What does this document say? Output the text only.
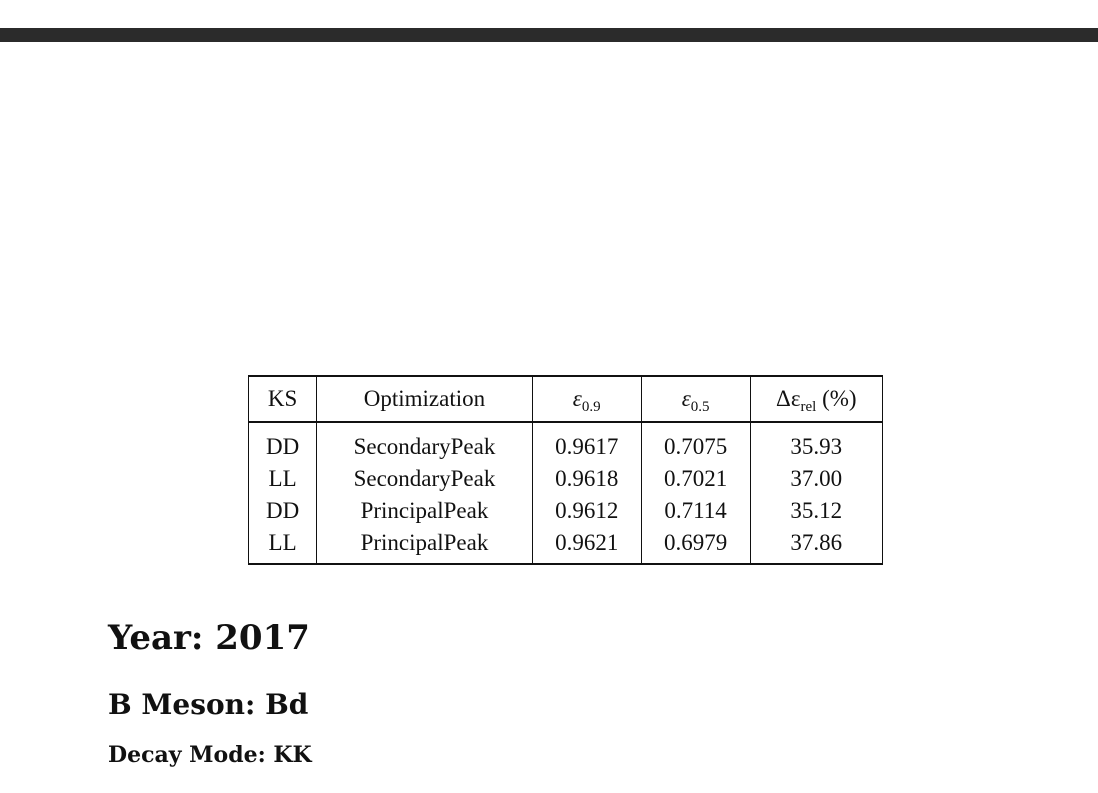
KS	Optimization	$\varepsilon_{0.9}$	$\varepsilon_{0.5}$	$\Delta\varepsilon_{rel}$ (%)
DD	SecondaryPeak	0.9617	0.7075	35.93
LL	SecondaryPeak	0.9618	0.7021	37.00
DD	PrincipalPeak	0.9612	0.7114	35.12
LL	PrincipalPeak	0.9621	0.6979	37.86
Year: 2017
B Meson: Bd
Decay Mode: KK
